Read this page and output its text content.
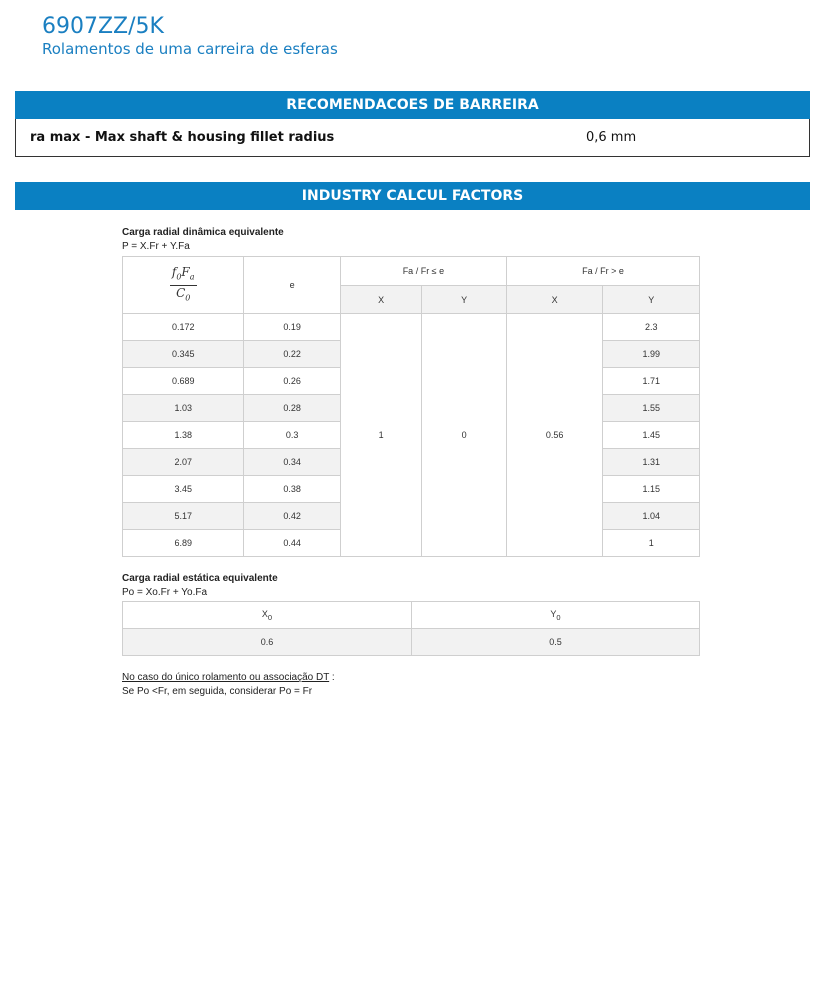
6907ZZ/5K
Rolamentos de uma carreira de esferas
RECOMENDACOES DE BARREIRA
ra max - Max shaft & housing fillet radius	0,6 mm
INDUSTRY CALCUL FACTORS
Carga radial dinâmica equivalente
P = X.Fr + Y.Fa
$\frac{f_0F_a}{C_0}$	e	Fa / Fr ≤ e		Fa / Fr > e	
		X	Y	X	Y
0.172	0.19	1	0	0.56	2.3
0.345	0.22				1.99
0.689	0.26				1.71
1.03	0.28				1.55
1.38	0.3				1.45
2.07	0.34				1.31
3.45	0.38				1.15
5.17	0.42				1.04
6.89	0.44				1
Carga radial estática equivalente
Po = Xo.Fr + Yo.Fa
$X_0$	$Y_0$
0.6	0.5
No caso do único rolamento ou associação DT :
Se Po <Fr, em seguida, considerar Po = Fr
